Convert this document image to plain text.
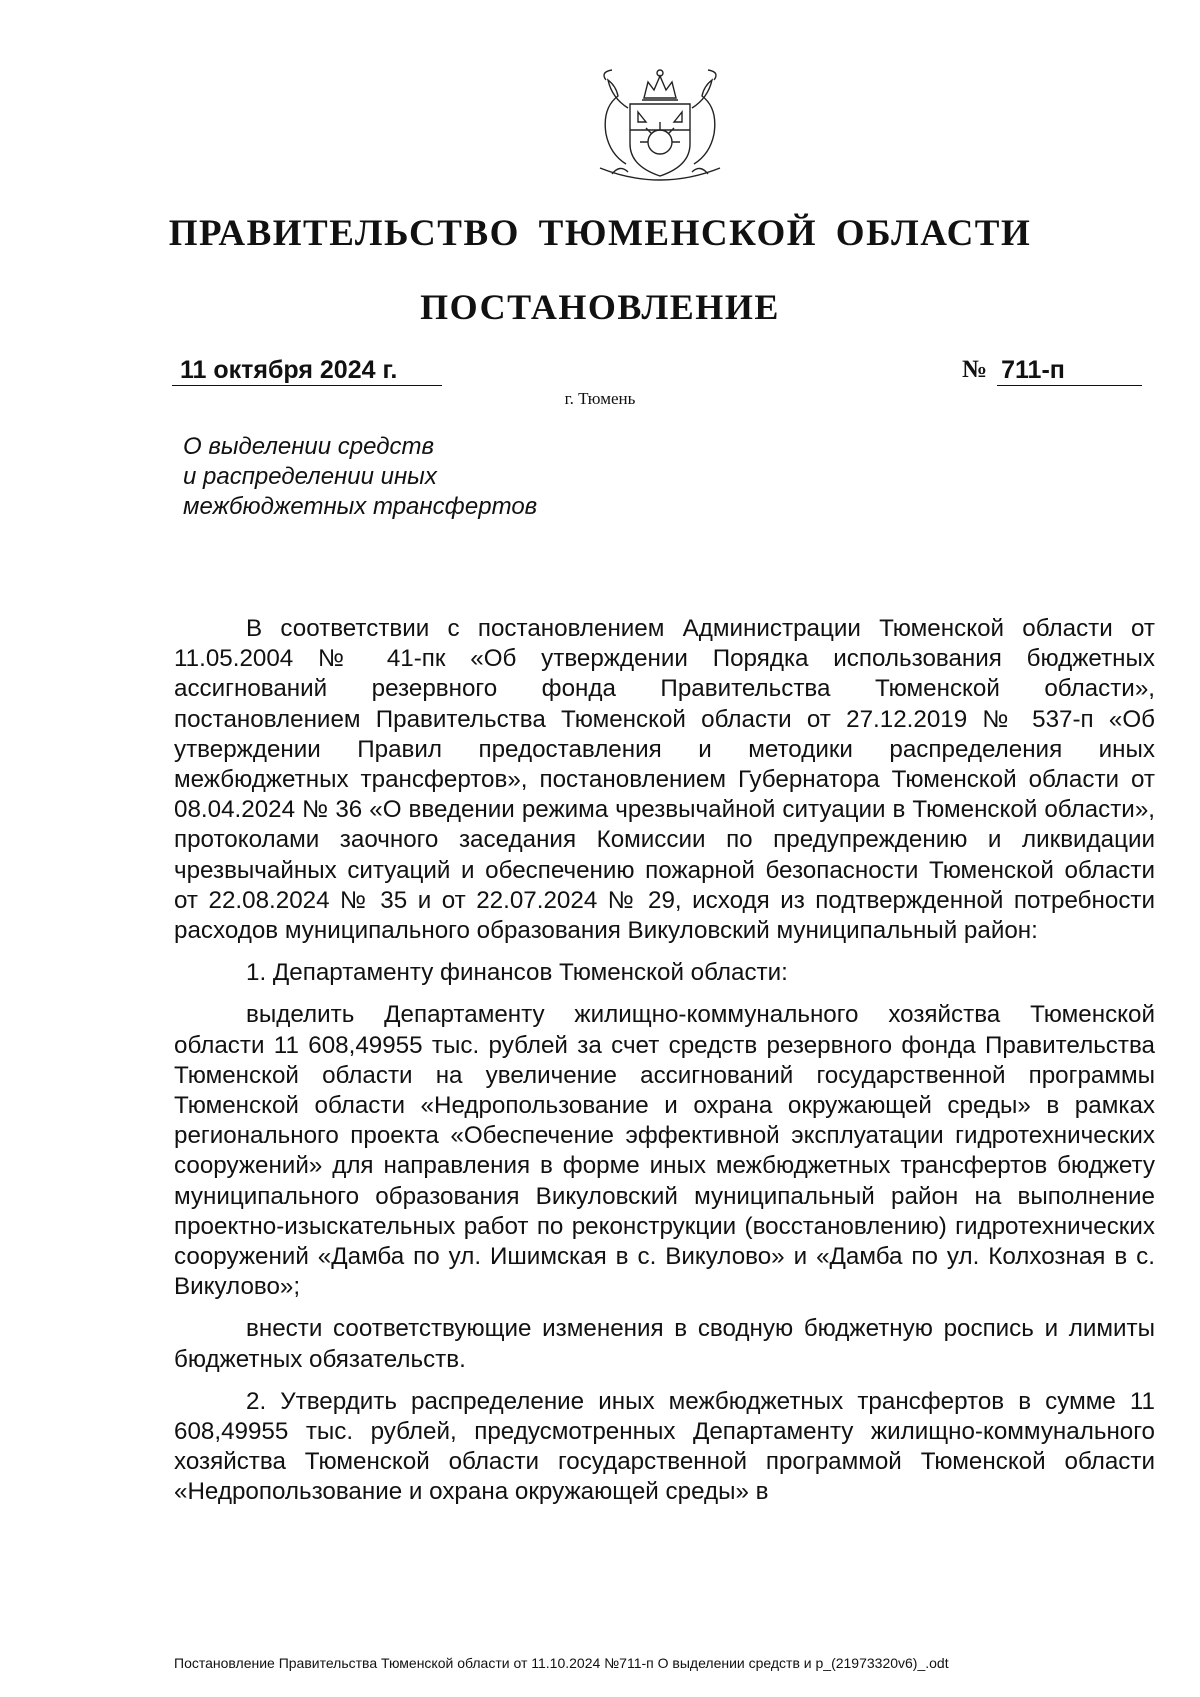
ПРАВИТЕЛЬСТВО ТЮМЕНСКОЙ ОБЛАСТИ
ПОСТАНОВЛЕНИЕ
11 октября 2024 г.	№ 711-п
г. Тюмень
О выделении средств
и распределении иных
межбюджетных трансфертов

В соответствии с постановлением Администрации Тюменской области от 11.05.2004 № 41-пк «Об утверждении Порядка использования бюджетных ассигнований резервного фонда Правительства Тюменской области», постановлением Правительства Тюменской области от 27.12.2019 № 537-п «Об утверждении Правил предоставления и методики распределения иных межбюджетных трансфертов», постановлением Губернатора Тюменской области от 08.04.2024 № 36 «О введении режима чрезвычайной ситуации в Тюменской области», протоколами заочного заседания Комиссии по предупреждению и ликвидации чрезвычайных ситуаций и обеспечению пожарной безопасности Тюменской области от 22.08.2024 № 35 и от 22.07.2024 № 29, исходя из подтвержденной потребности расходов муниципального образования Викуловский муниципальный район:

1. Департаменту финансов Тюменской области:

выделить Департаменту жилищно-коммунального хозяйства Тюменской области 11 608,49955 тыс. рублей за счет средств резервного фонда Правительства Тюменской области на увеличение ассигнований государственной программы Тюменской области «Недропользование и охрана окружающей среды» в рамках регионального проекта «Обеспечение эффективной эксплуатации гидротехнических сооружений» для направления в форме иных межбюджетных трансфертов бюджету муниципального образования Викуловский муниципальный район на выполнение проектно-изыскательных работ по реконструкции (восстановлению) гидротехнических сооружений «Дамба по ул. Ишимская в с. Викулово» и «Дамба по ул. Колхозная в с. Викулово»;

внести соответствующие изменения в сводную бюджетную роспись и лимиты бюджетных обязательств.

2. Утвердить распределение иных межбюджетных трансфертов в сумме 11 608,49955 тыс. рублей, предусмотренных Департаменту жилищно-коммунального хозяйства Тюменской области государственной программой Тюменской области «Недропользование и охрана окружающей среды» в

Постановление Правительства Тюменской области от 11.10.2024 №711-п О выделении средств и р_(21973320v6)_.odt
